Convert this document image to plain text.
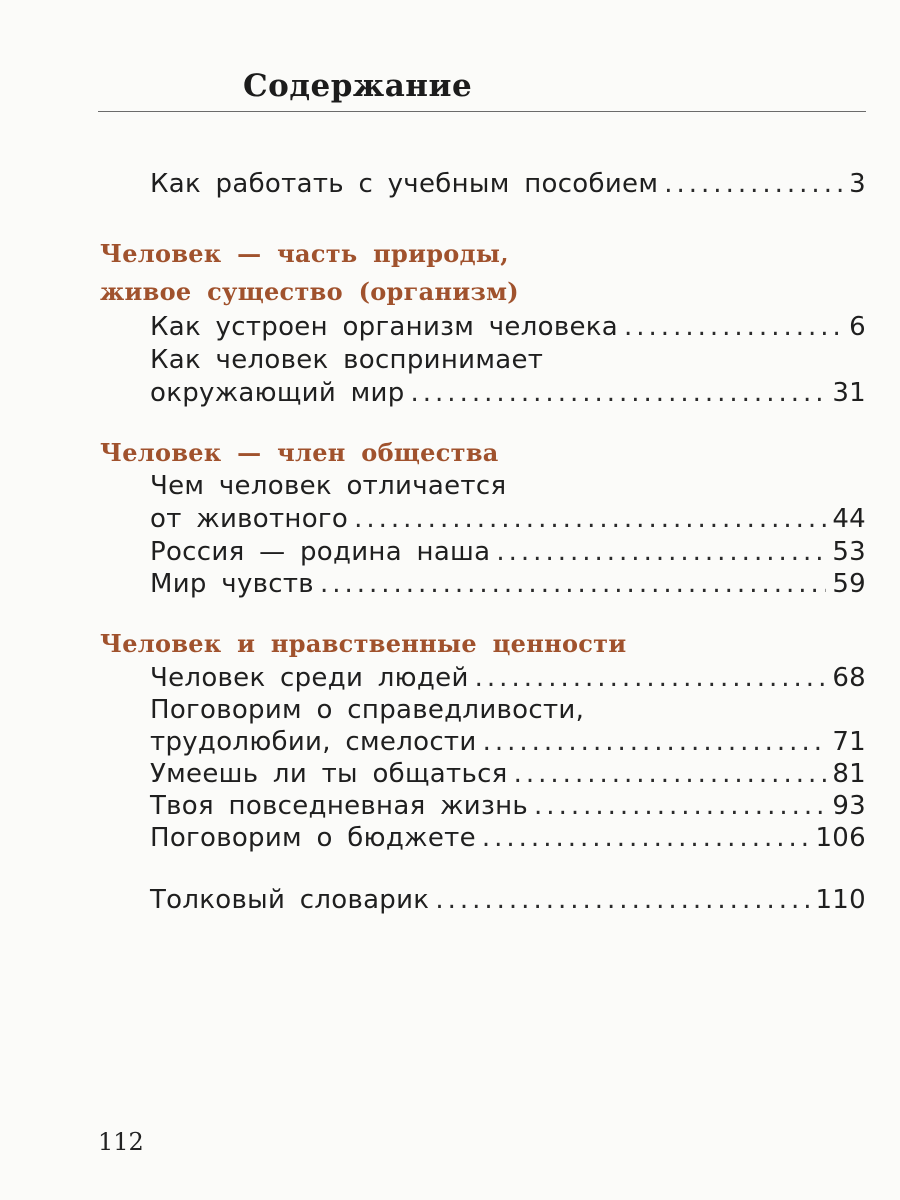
Содержание
Как работать с учебным пособием .....	3
Человек — часть природы,
живое существо (организм)
Как устроен организм человека .....	6
Как человек воспринимает
окружающий мир .....	31
Человек — член общества
Чем человек отличается
от животного .....	44
Россия — родина наша .....	53
Мир чувств .....	59
Человек и нравственные ценности
Человек среди людей .....	68
Поговорим о справедливости,
трудолюбии, смелости .....	71
Умеешь ли ты общаться .....	81
Твоя повседневная жизнь .....	93
Поговорим о бюджете .....	106
Толковый словарик .....	110
112
